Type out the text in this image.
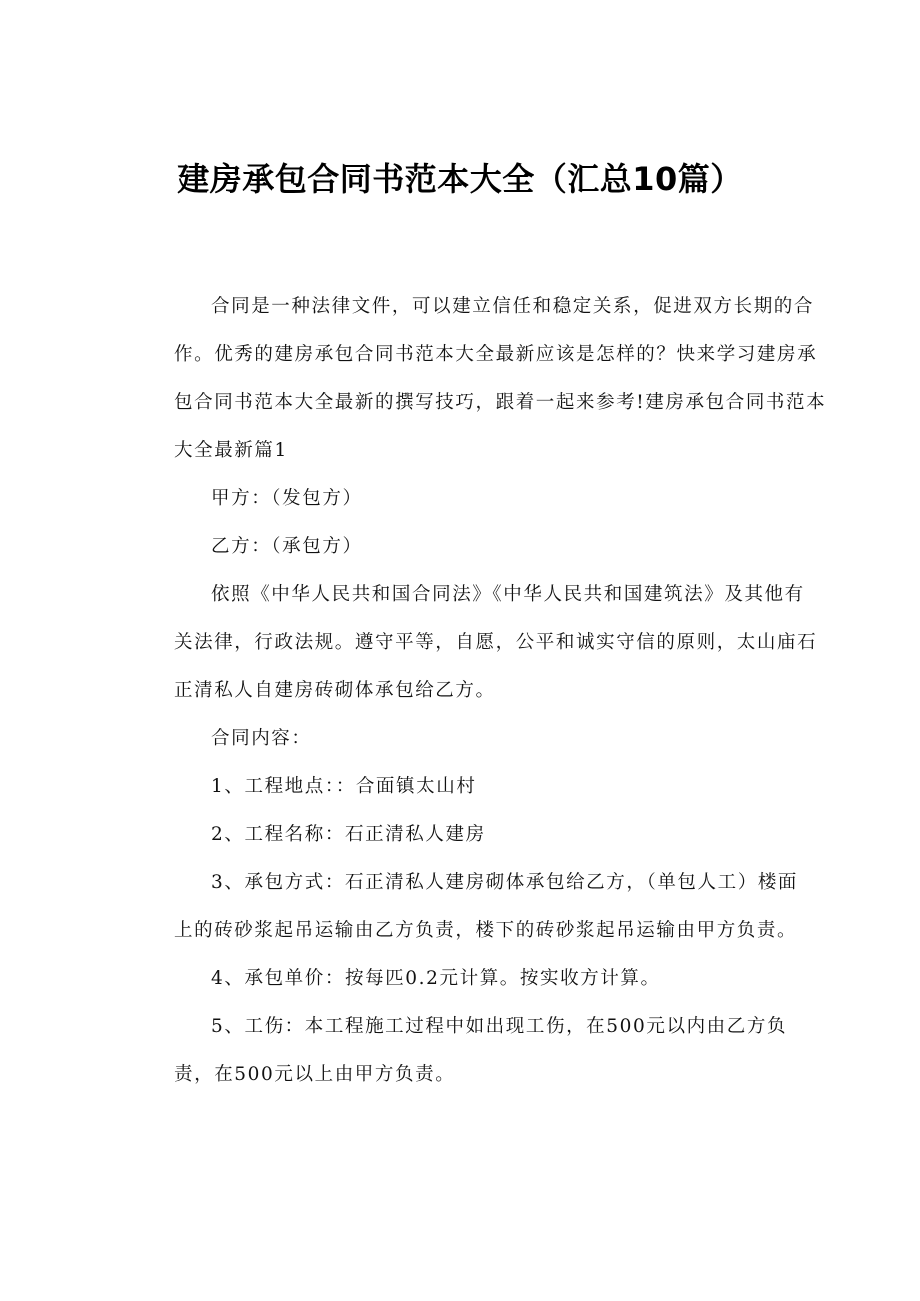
建房承包合同书范本大全（汇总10篇）
合同是一种法律文件，可以建立信任和稳定关系，促进双方长期的合
作。优秀的建房承包合同书范本大全最新应该是怎样的？快来学习建房承
包合同书范本大全最新的撰写技巧，跟着一起来参考!建房承包合同书范本
大全最新篇1
甲方：（发包方）
乙方：（承包方）
依照《中华人民共和国合同法》《中华人民共和国建筑法》及其他有
关法律，行政法规。遵守平等，自愿，公平和诚实守信的原则，太山庙石
正清私人自建房砖砌体承包给乙方。
合同内容：
1、工程地点：：合面镇太山村
2、工程名称：石正清私人建房
3、承包方式：石正清私人建房砌体承包给乙方，（单包人工）楼面
上的砖砂浆起吊运输由乙方负责，楼下的砖砂浆起吊运输由甲方负责。
4、承包单价：按每匹0.2元计算。按实收方计算。
5、工伤：本工程施工过程中如出现工伤，在500元以内由乙方负
责，在500元以上由甲方负责。
